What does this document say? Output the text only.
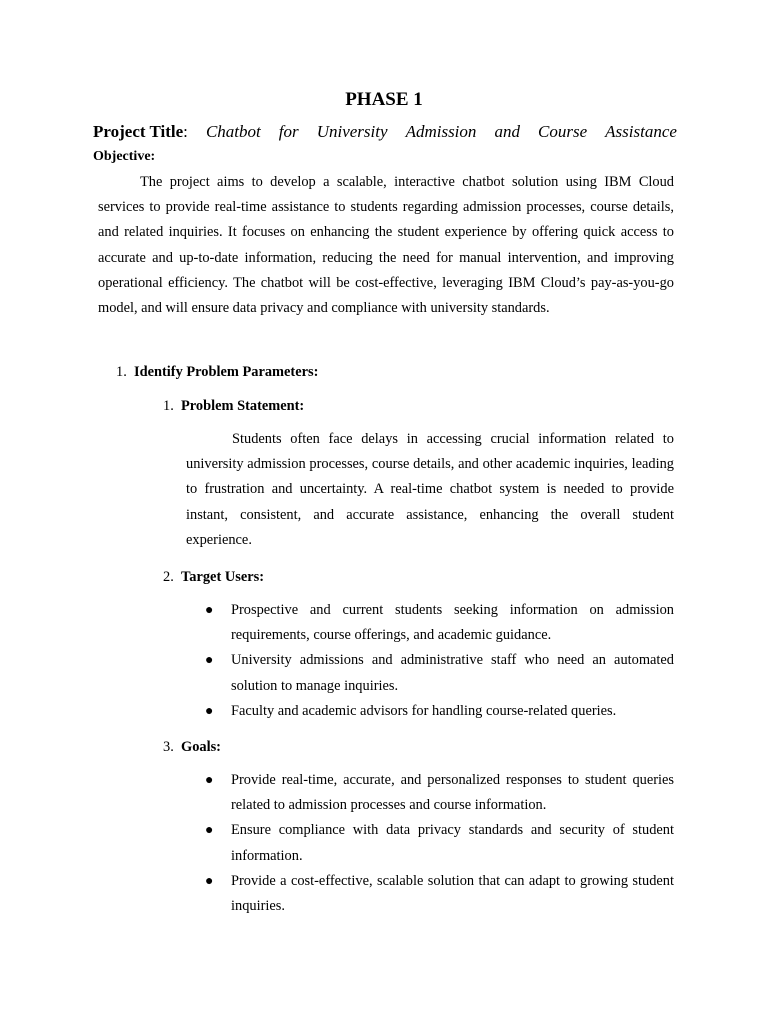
PHASE 1
Project Title: Chatbot for University Admission and Course Assistance
Objective:
The project aims to develop a scalable, interactive chatbot solution using IBM Cloud services to provide real-time assistance to students regarding admission processes, course details, and related inquiries. It focuses on enhancing the student experience by offering quick access to accurate and up-to-date information, reducing the need for manual intervention, and improving operational efficiency. The chatbot will be cost-effective, leveraging IBM Cloud’s pay-as-you-go model, and will ensure data privacy and compliance with university standards.
1. Identify Problem Parameters:
1. Problem Statement:
Students often face delays in accessing crucial information related to university admission processes, course details, and other academic inquiries, leading to frustration and uncertainty. A real-time chatbot system is needed to provide instant, consistent, and accurate assistance, enhancing the overall student experience.
2. Target Users:
● Prospective and current students seeking information on admission requirements, course offerings, and academic guidance.
● University admissions and administrative staff who need an automated solution to manage inquiries.
● Faculty and academic advisors for handling course-related queries.
3. Goals:
● Provide real-time, accurate, and personalized responses to student queries related to admission processes and course information.
● Ensure compliance with data privacy standards and security of student information.
● Provide a cost-effective, scalable solution that can adapt to growing student inquiries.
